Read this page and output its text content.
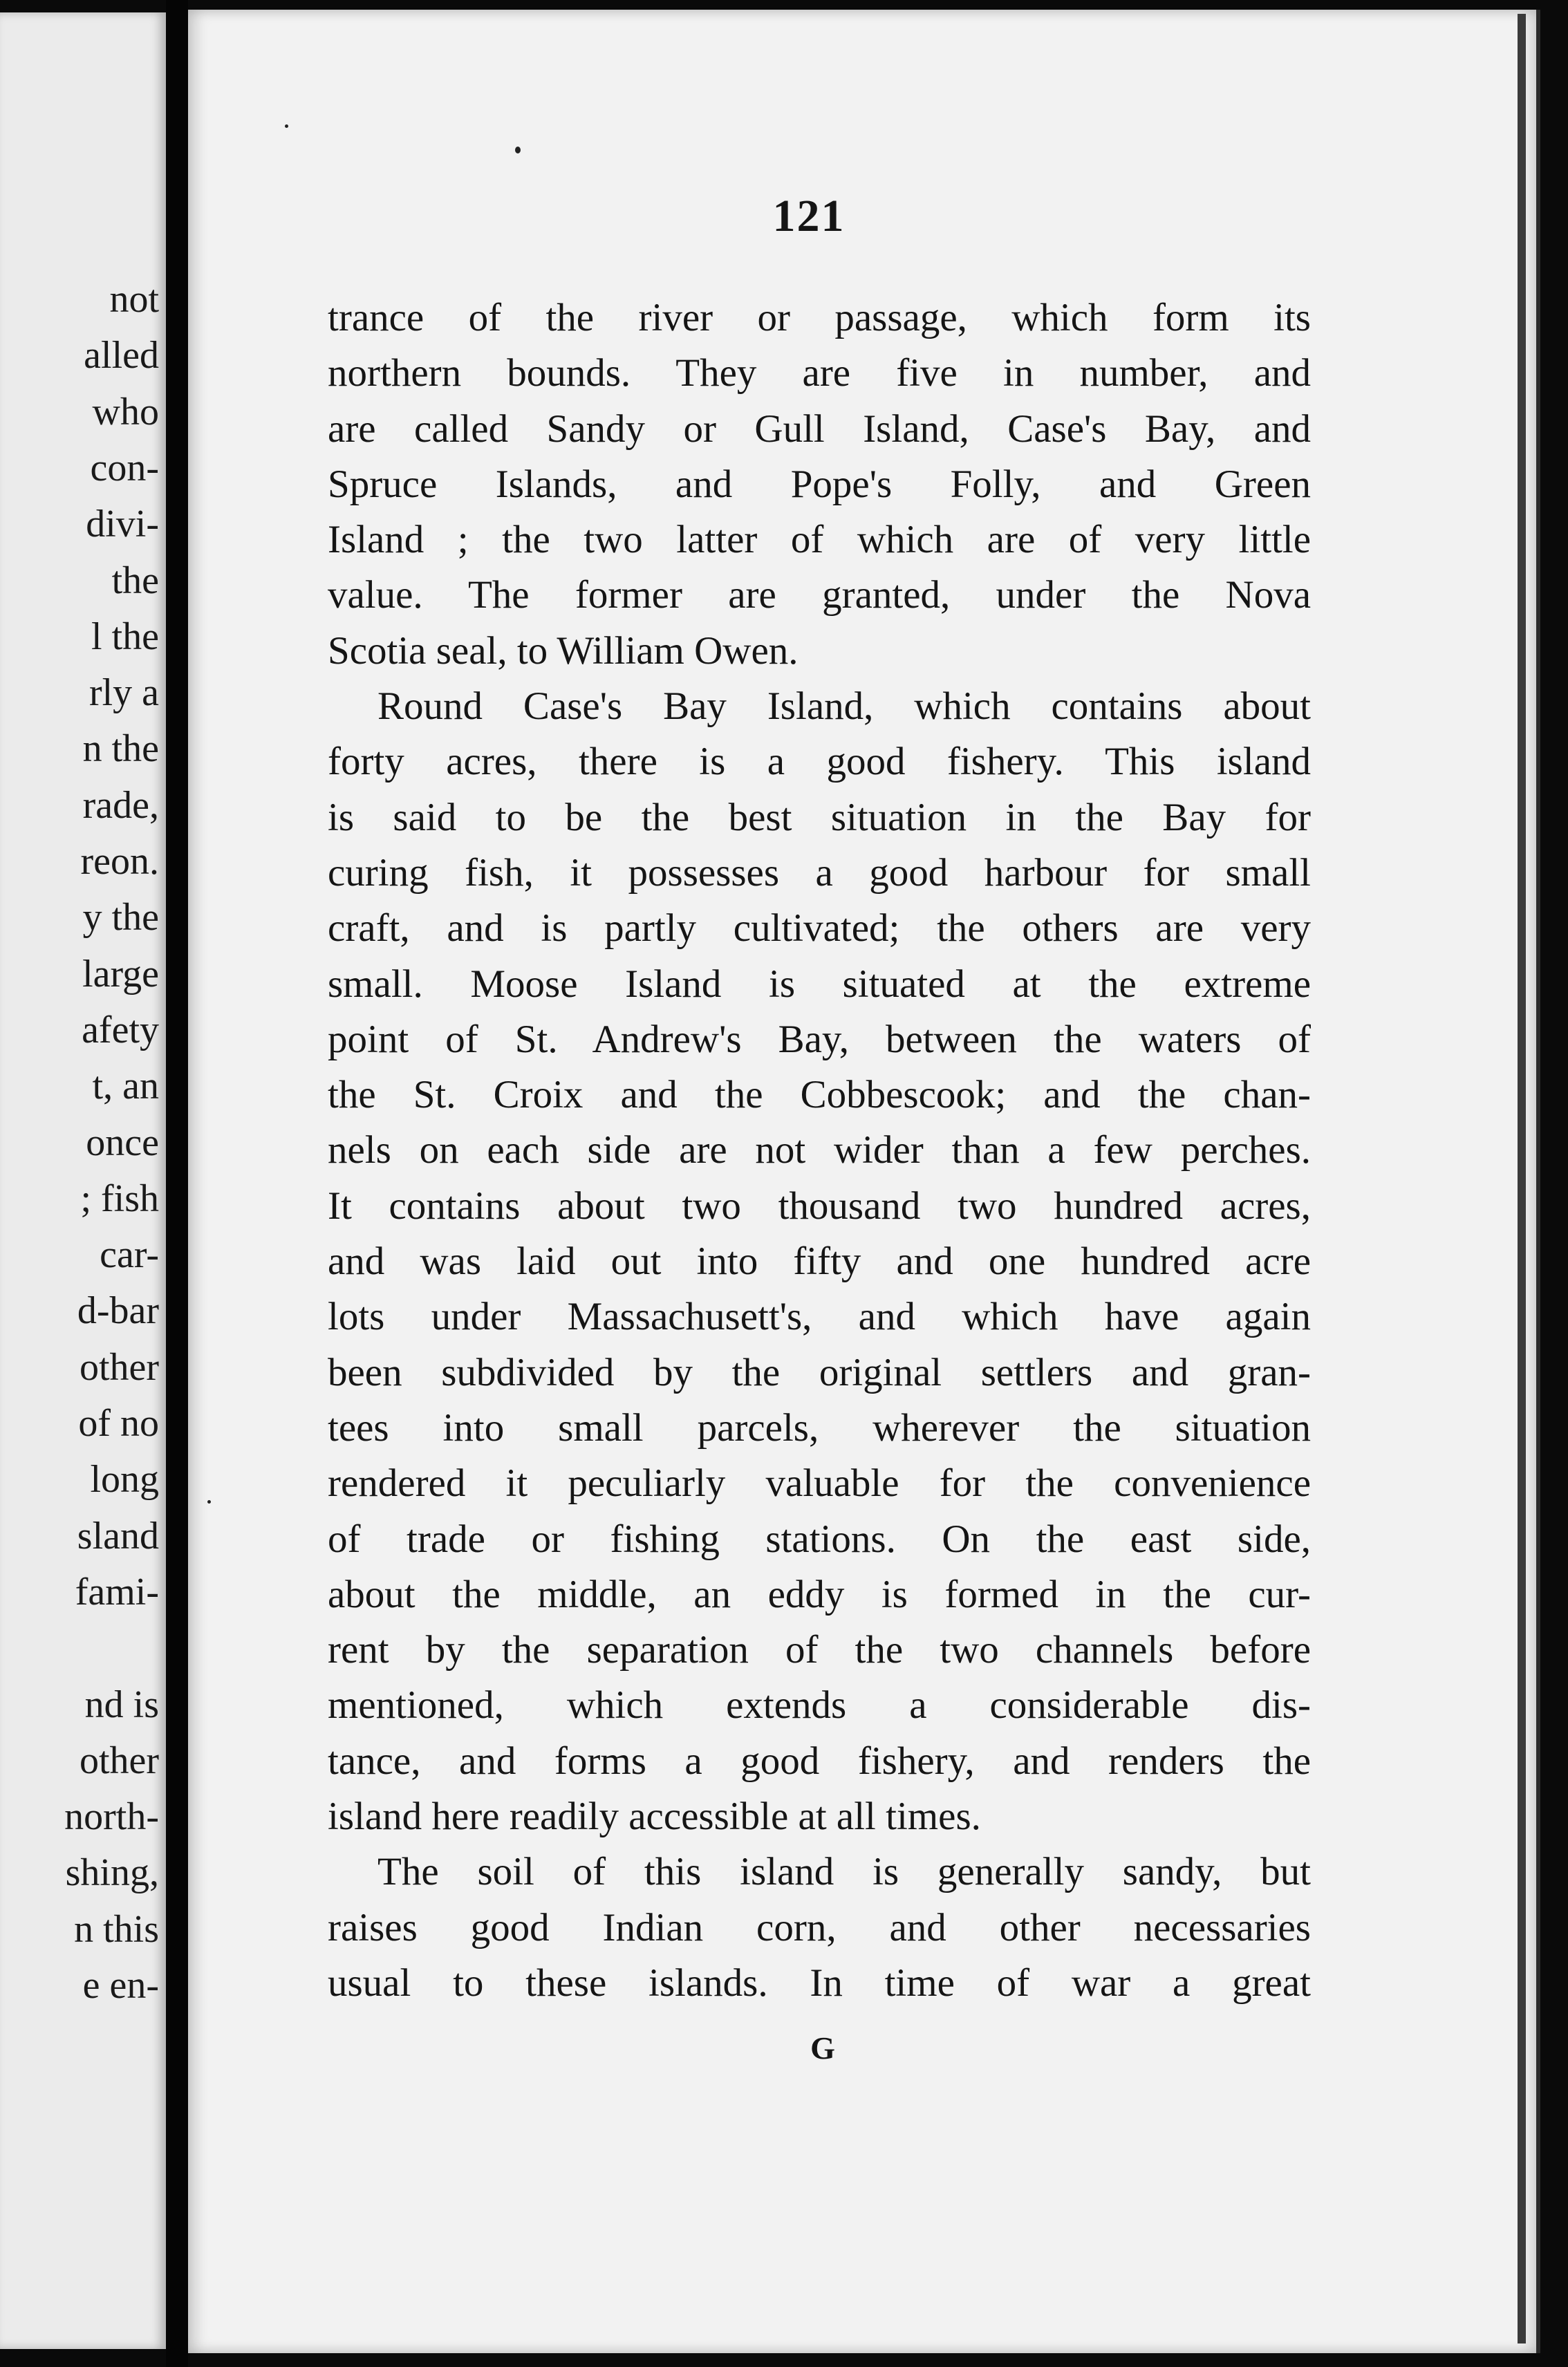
not
alled
who
con-
divi-
the
l the
rly a
n the
rade,
reon.
y the
large
afety
t, an
once
; fish
car-
d-bar
other
of no
long
sland
fami-
nd is
other
north-
shing,
n this
e en-
121
trance of the river or passage, which form its
northern bounds. They are five in number, and
are called Sandy or Gull Island, Case's Bay, and
Spruce Islands, and Pope's Folly, and Green
Island ; the two latter of which are of very little
value. The former are granted, under the Nova
Scotia seal, to William Owen.
Round Case's Bay Island, which contains about
forty acres, there is a good fishery. This island
is said to be the best situation in the Bay for
curing fish, it possesses a good harbour for small
craft, and is partly cultivated; the others are very
small. Moose Island is situated at the extreme
point of St. Andrew's Bay, between the waters of
the St. Croix and the Cobbescook; and the chan-
nels on each side are not wider than a few perches.
It contains about two thousand two hundred acres,
and was laid out into fifty and one hundred acre
lots under Massachusett's, and which have again
been subdivided by the original settlers and gran-
tees into small parcels, wherever the situation
rendered it peculiarly valuable for the convenience
of trade or fishing stations. On the east side,
about the middle, an eddy is formed in the cur-
rent by the separation of the two channels before
mentioned, which extends a considerable dis-
tance, and forms a good fishery, and renders the
island here readily accessible at all times.
The soil of this island is generally sandy, but
raises good Indian corn, and other necessaries
usual to these islands. In time of war a great
G
